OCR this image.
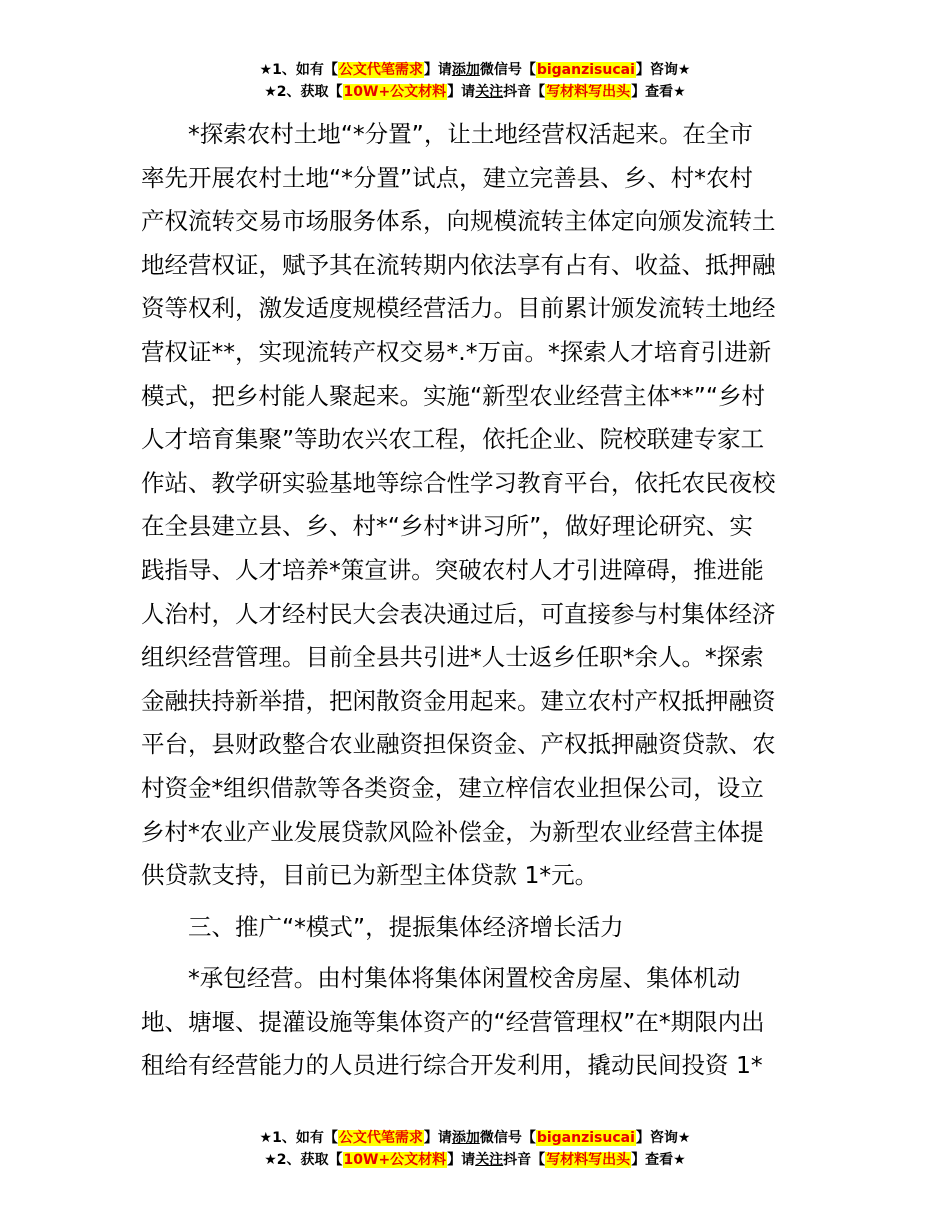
★1、如有【公文代笔需求】请添加微信号【biganzisucai】咨询★
★2、获取【10W+公文材料】请关注抖音【写材料写出头】查看★
*探索农村土地“*分置”，让土地经营权活起来。在全市
率先开展农村土地“*分置”试点，建立完善县、乡、村*农村
产权流转交易市场服务体系，向规模流转主体定向颁发流转土
地经营权证，赋予其在流转期内依法享有占有、收益、抵押融
资等权利，激发适度规模经营活力。目前累计颁发流转土地经
营权证**，实现流转产权交易*.*万亩。*探索人才培育引进新
模式，把乡村能人聚起来。实施“新型农业经营主体**”“乡村
人才培育集聚”等助农兴农工程，依托企业、院校联建专家工
作站、教学研实验基地等综合性学习教育平台，依托农民夜校
在全县建立县、乡、村*“乡村*讲习所”，做好理论研究、实
践指导、人才培养*策宣讲。突破农村人才引进障碍，推进能
人治村，人才经村民大会表决通过后，可直接参与村集体经济
组织经营管理。目前全县共引进*人士返乡任职*余人。*探索
金融扶持新举措，把闲散资金用起来。建立农村产权抵押融资
平台，县财政整合农业融资担保资金、产权抵押融资贷款、农
村资金*组织借款等各类资金，建立梓信农业担保公司，设立
乡村*农业产业发展贷款风险补偿金，为新型农业经营主体提
供贷款支持，目前已为新型主体贷款 1*元。
三、推广“*模式”，提振集体经济增长活力
*承包经营。由村集体将集体闲置校舍房屋、集体机动
地、塘堰、提灌设施等集体资产的“经营管理权”在*期限内出
租给有经营能力的人员进行综合开发利用，撬动民间投资 1*
★1、如有【公文代笔需求】请添加微信号【biganzisucai】咨询★
★2、获取【10W+公文材料】请关注抖音【写材料写出头】查看★
